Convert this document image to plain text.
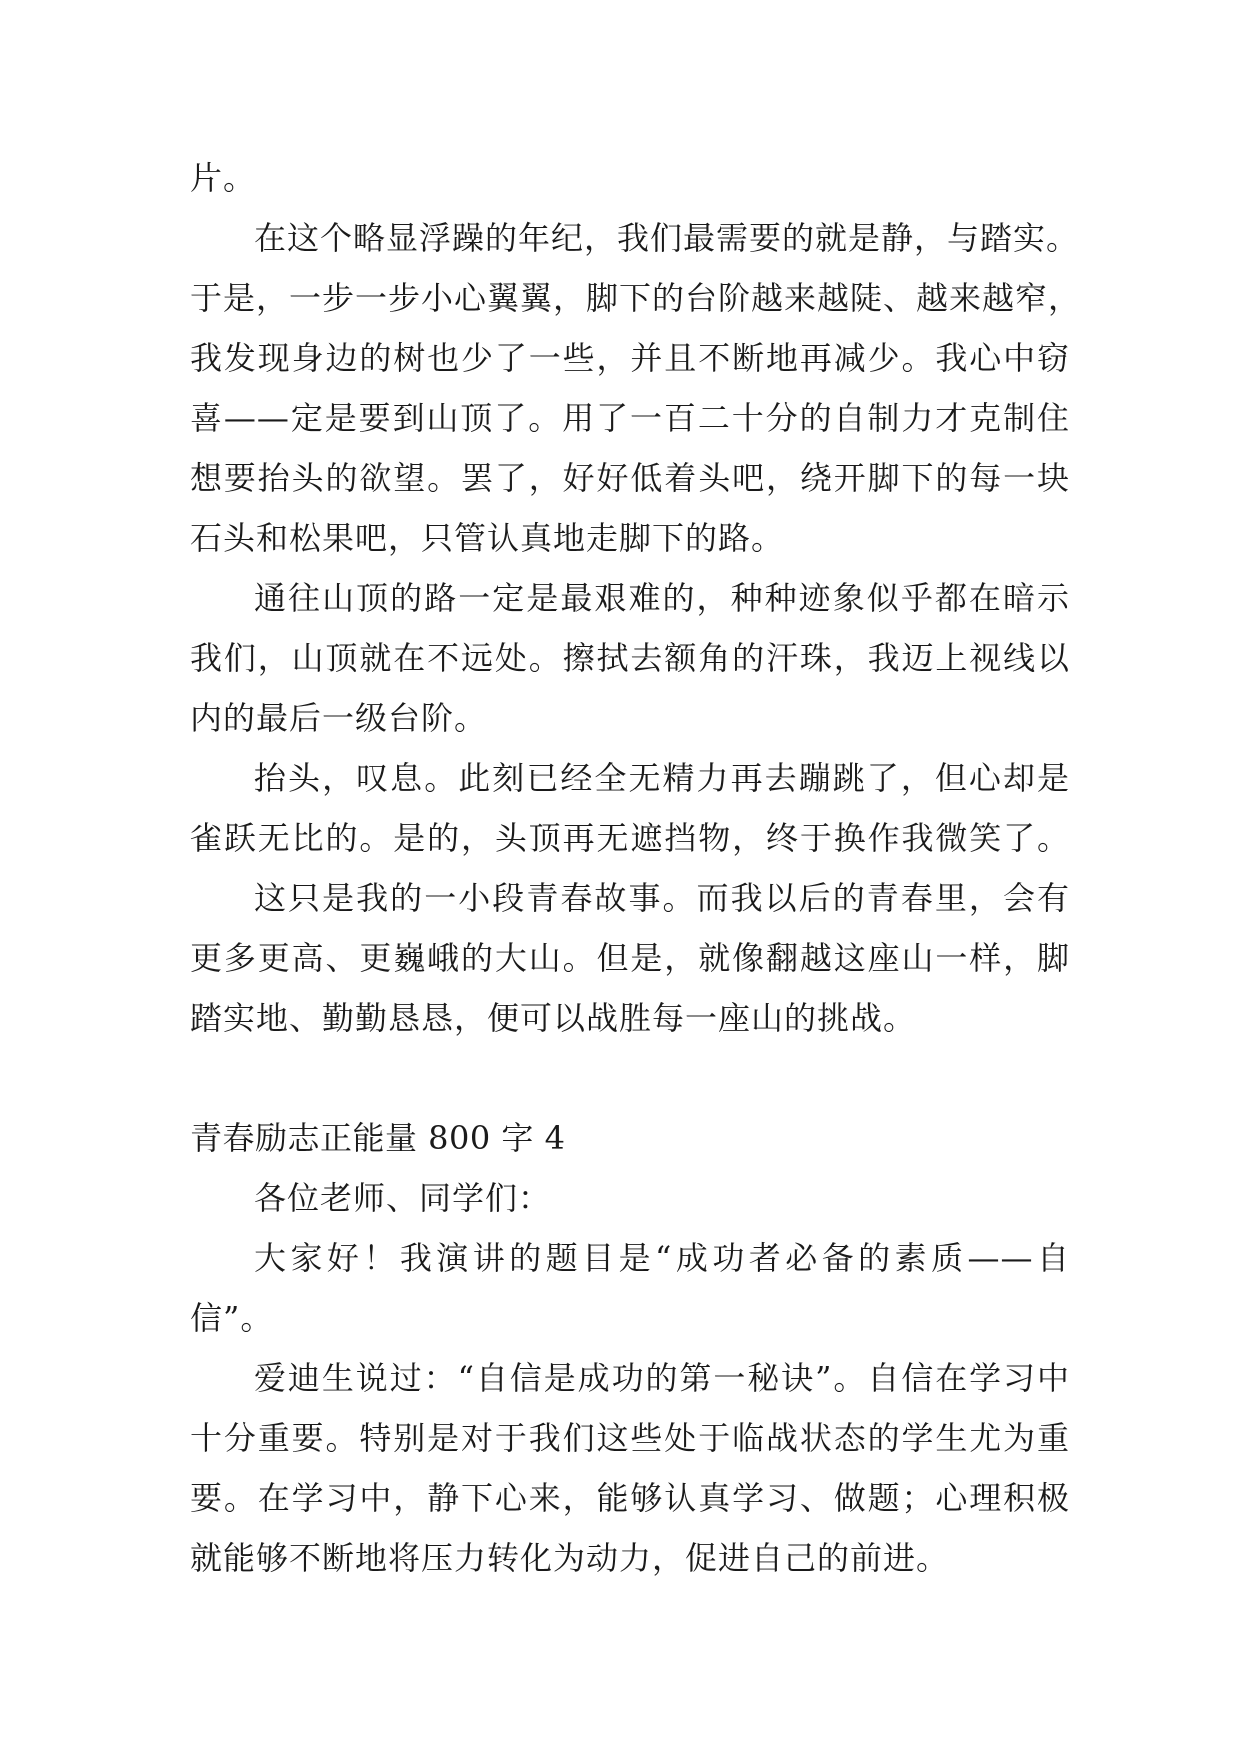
片。
在这个略显浮躁的年纪，我们最需要的就是静，与踏实。
于是，一步一步小心翼翼，脚下的台阶越来越陡、越来越窄，
我发现身边的树也少了一些，并且不断地再减少。我心中窃
喜——定是要到山顶了。用了一百二十分的自制力才克制住
想要抬头的欲望。罢了，好好低着头吧，绕开脚下的每一块
石头和松果吧，只管认真地走脚下的路。
通往山顶的路一定是最艰难的，种种迹象似乎都在暗示
我们，山顶就在不远处。擦拭去额角的汗珠，我迈上视线以
内的最后一级台阶。
抬头，叹息。此刻已经全无精力再去蹦跳了，但心却是
雀跃无比的。是的，头顶再无遮挡物，终于换作我微笑了。
这只是我的一小段青春故事。而我以后的青春里，会有
更多更高、更巍峨的大山。但是，就像翻越这座山一样，脚
踏实地、勤勤恳恳，便可以战胜每一座山的挑战。
青春励志正能量 800 字 4
各位老师、同学们：
大家好！我演讲的题目是“成功者必备的素质——自
信”。
爱迪生说过：“自信是成功的第一秘诀”。自信在学习中
十分重要。特别是对于我们这些处于临战状态的学生尤为重
要。在学习中，静下心来，能够认真学习、做题；心理积极
就能够不断地将压力转化为动力，促进自己的前进。
